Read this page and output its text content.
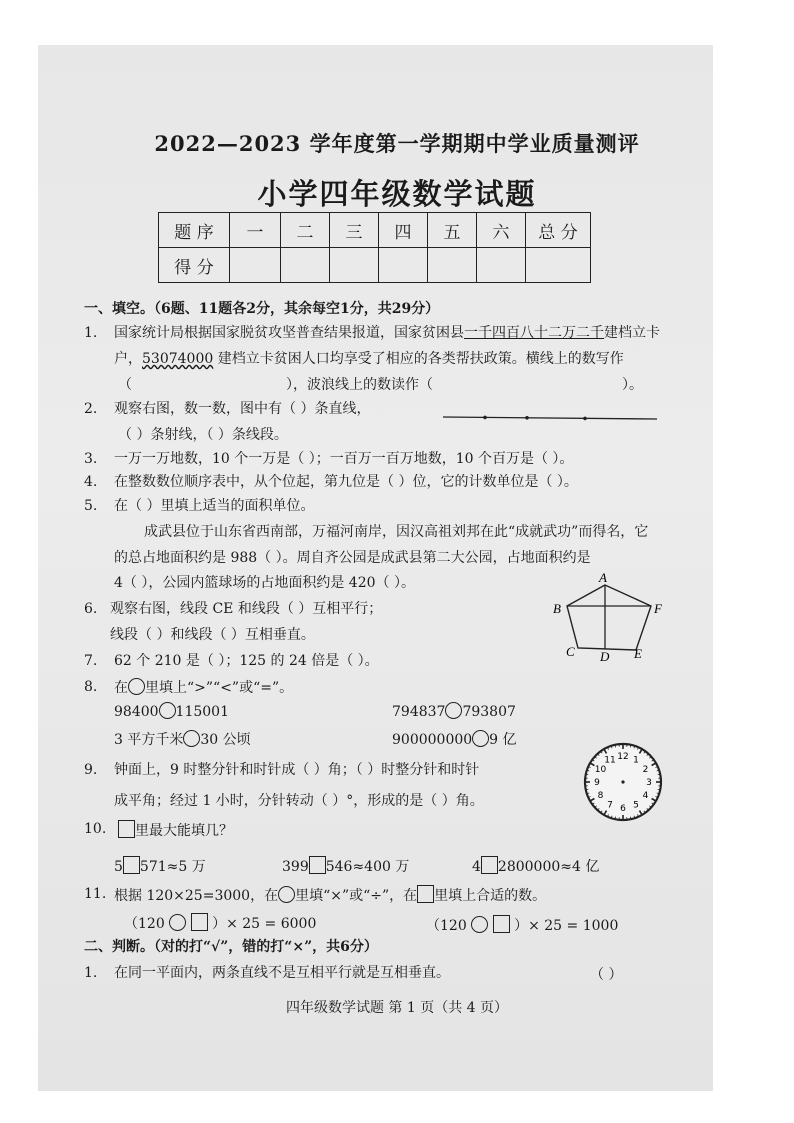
2022—2023 学年度第一学期期中学业质量测评
小学四年级数学试题
题 序	一	二	三	四	五	六	总 分
得 分							
一、填空。（6题、11题各2分，其余每空1分，共29分）
1. 国家统计局根据国家脱贫攻坚普查结果报道，国家贫困县一千四百八十二万二千建档立卡
户，53074000 建档立卡贫困人口均享受了相应的各类帮扶政策。横线上的数写作
（	），波浪线上的数读作（	）。
2. 观察右图，数一数，图中有（ ）条直线，
（ ）条射线，（ ）条线段。
3. 一万一万地数，10 个一万是（ ）；一百万一百万地数，10 个百万是（ ）。
4. 在整数数位顺序表中，从个位起，第九位是（ ）位，它的计数单位是（ ）。
5. 在（ ）里填上适当的面积单位。
成武县位于山东省西南部，万福河南岸，因汉高祖刘邦在此“成就武功”而得名，它
的总占地面积约是 988（ ）。周自齐公园是成武县第二大公园，占地面积约是
4（ ），公园内篮球场的占地面积约是 420（ ）。
6. 观察右图，线段 CE 和线段（ ）互相平行；
线段（ ）和线段（ ）互相垂直。
A
B	F
C D E
7. 62 个 210 是（ ）；125 的 24 倍是（ ）。
8. 在 里填上“>”“<”或“=”。
98400 115001	794837 793807
3 平方千米 30 公顷	900000000 9 亿
9. 钟面上，9 时整分针和时针成（ ）角；（ ）时整分针和时针
成平角；经过 1 小时，分针转动（ ）°，形成的是（ ）角。
12 1
2
3
4
5
6
7
8
9
10
11
10.	里最大能填几？
5 571≈5 万	399 546≈400 万	4 2800000≈4 亿
11. 根据 120×25=3000，在 里填“×”或“÷”，在 里填上合适的数。
（120	）× 25 = 6000	（120	）× 25 = 1000
二、判断。（对的打“√”，错的打“×”，共6分）
1. 在同一平面内，两条直线不是互相平行就是互相垂直。	（ ）
四年级数学试题 第 1 页（共 4 页）
